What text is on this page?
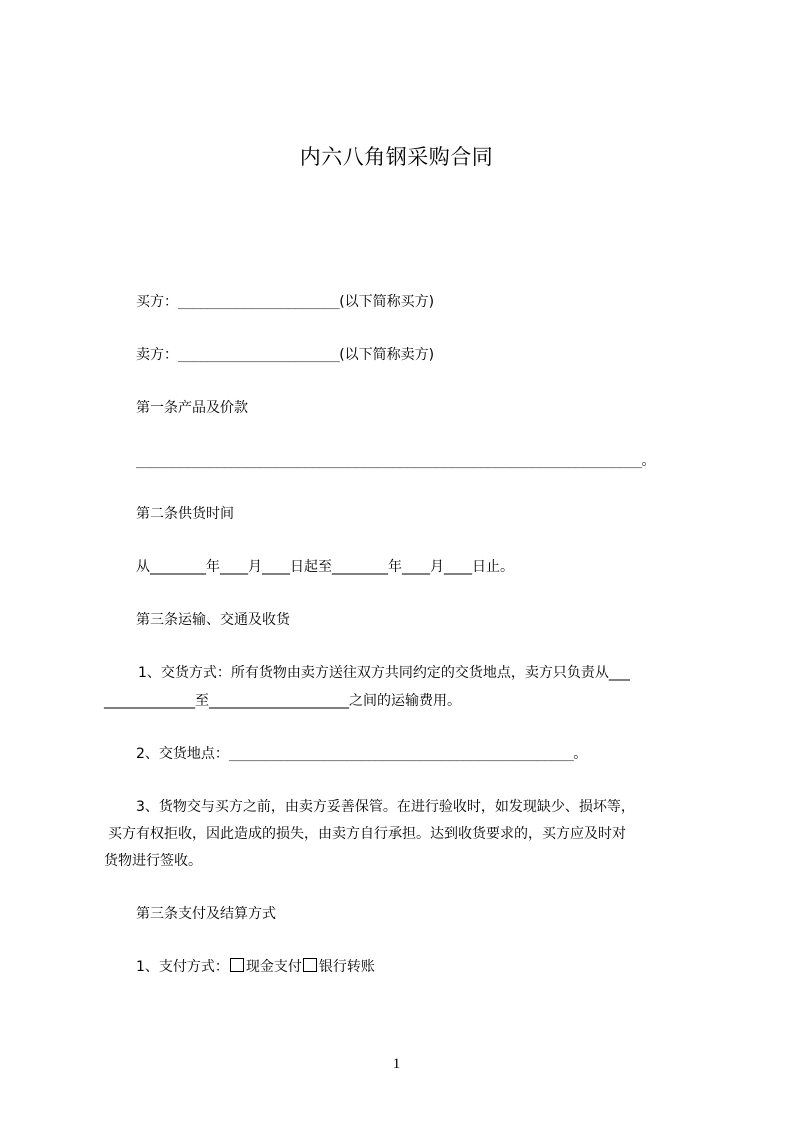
内六八角钢采购合同
买方：______________________(以下简称买方)
卖方：______________________(以下简称卖方)
第一条产品及价款
_____________________________________________________________________。
第二条供货时间
从________年____月____日起至________年____月____日止。
第三条运输、交通及收货
1、交货方式：所有货物由卖方送往双方共同约定的交货地点，卖方只负责从___
_____________至____________________之间的运输费用。
2、交货地点：_______________________________________________。
3、货物交与买方之前，由卖方妥善保管。在进行验收时，如发现缺少、损坏等，
买方有权拒收，因此造成的损失，由卖方自行承担。达到收货要求的，买方应及时对
货物进行签收。
第三条支付及结算方式
1、支付方式： 现金支付 银行转账
1
